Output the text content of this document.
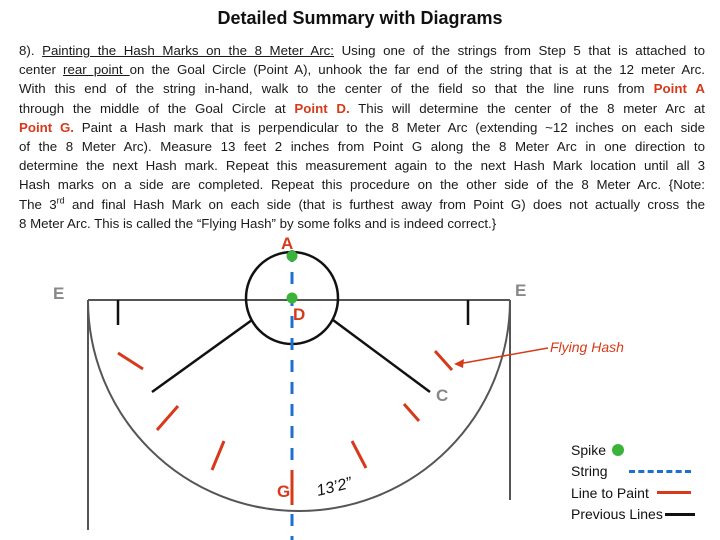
Detailed Summary with Diagrams
8). Painting the Hash Marks on the 8 Meter Arc: Using one of the strings from Step 5 that is attached to
center rear point on the Goal Circle (Point A), unhook the far end of the string that is at the 12 meter Arc.
With this end of the string in-hand, walk to the center of the field so that the line runs from Point A
through the middle of the Goal Circle at Point D. This will determine the center of the 8 meter Arc at
Point G. Paint a Hash mark that is perpendicular to the 8 Meter Arc (extending ~12 inches on each side
of the 8 Meter Arc). Measure 13 feet 2 inches from Point G along the 8 Meter Arc in one direction to
determine the next Hash mark. Repeat this measurement again to the next Hash Mark location until all 3
Hash marks on a side are completed. Repeat this procedure on the other side of the 8 Meter Arc. {Note:
The 3rd and final Hash Mark on each side (that is furthest away from Point G) does not actually cross the
8 Meter Arc. This is called the “Flying Hash” by some folks and is indeed correct.}
A
D
E	E
C
G
Flying Hash
13’2”
Spike
String
Line to Paint
Previous Lines
